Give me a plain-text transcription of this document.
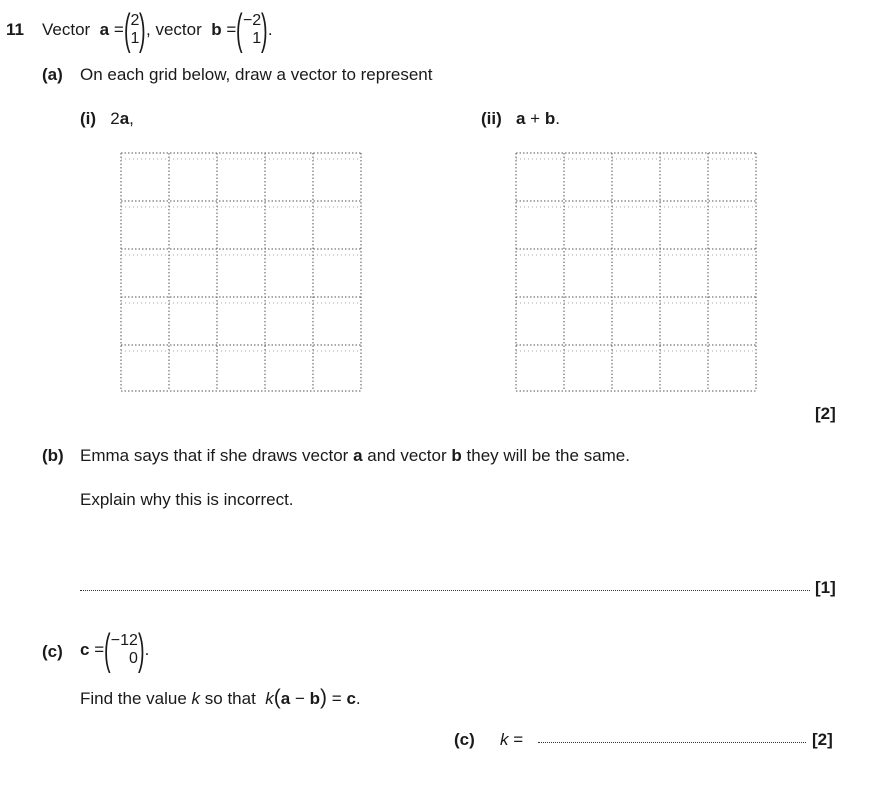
11 Vector
a
= ( 2
1 ) , vector
b
= ( −2
1 ) .
(a) On each grid below, draw a vector to represent
(i) 2a,	(ii) a + b.
[2]
(b) Emma says that if she draws vector a and vector b they will be the same.
Explain why this is incorrect.
[1]
(c) c
= ( −12
0 ) .
Find the value k so that k(a − b) = c.
(c) k =	[2]
